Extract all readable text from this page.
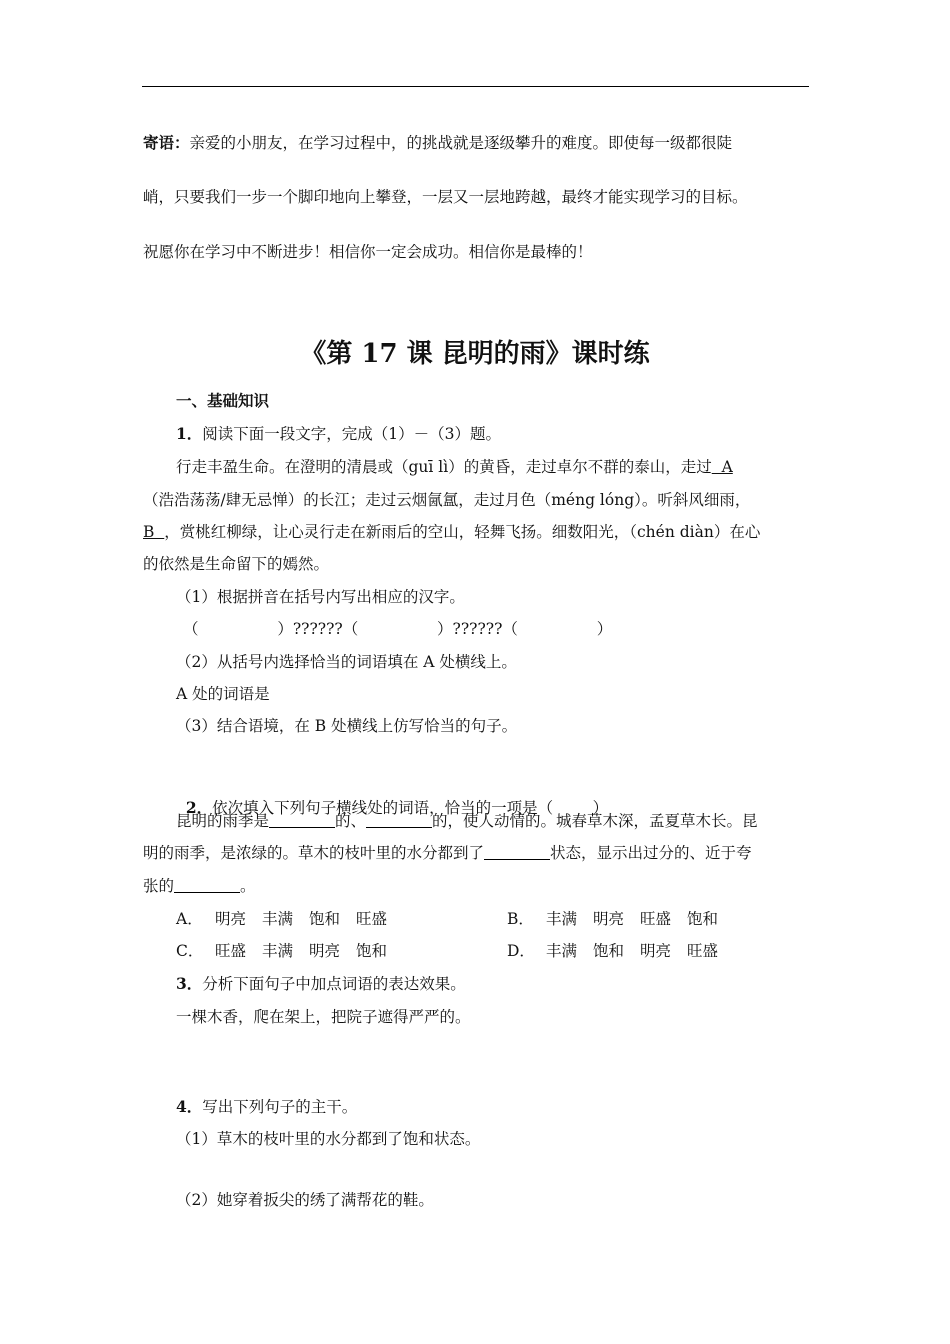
寄语：亲爱的小朋友，在学习过程中，的挑战就是逐级攀升的难度。即使每一级都很陡
峭，只要我们一步一个脚印地向上攀登，一层又一层地跨越，最终才能实现学习的目标。
祝愿你在学习中不断进步！相信你一定会成功。相信你是最棒的！
《第 17 课 昆明的雨》课时练
一、基础知识
1．阅读下面一段文字，完成（1）－（3）题。
行走丰盈生命。在澄明的清晨或（guī lì）的黄昏，走过卓尔不群的泰山，走过  A
（浩浩荡荡/肆无忌惮）的长江；走过云烟氤氲，走过月色（méng lóng）。听斜风细雨，
B  ，赏桃红柳绿，让心灵行走在新雨后的空山，轻舞飞扬。细数阳光，（chén diàn）在心
的依然是生命留下的嫣然。
（1）根据拼音在括号内写出相应的汉字。
（                ）??????（                ）??????（                ）
（2）从括号内选择恰当的词语填在 A 处横线上。
A 处的词语是
（3）结合语境，在 B 处横线上仿写恰当的句子。

2．依次填入下列句子横线处的词语，恰当的一项是（        ）

昆明的雨季是	的、	的，使人动情的。城春草木深，孟夏草木长。昆
明的雨季，是浓绿的。草木的枝叶里的水分都到了	状态，显示出过分的、近于夸
张的	。
A． 明亮 丰满 饱和 旺盛	B． 丰满 明亮 旺盛 饱和
C． 旺盛 丰满 明亮 饱和	D． 丰满 饱和 明亮 旺盛
3．分析下面句子中加点词语的表达效果。
一棵木香，爬在架上，把院子遮得严严的。
4．写出下列句子的主干。
（1）草木的枝叶里的水分都到了饱和状态。
（2）她穿着扳尖的绣了满帮花的鞋。
